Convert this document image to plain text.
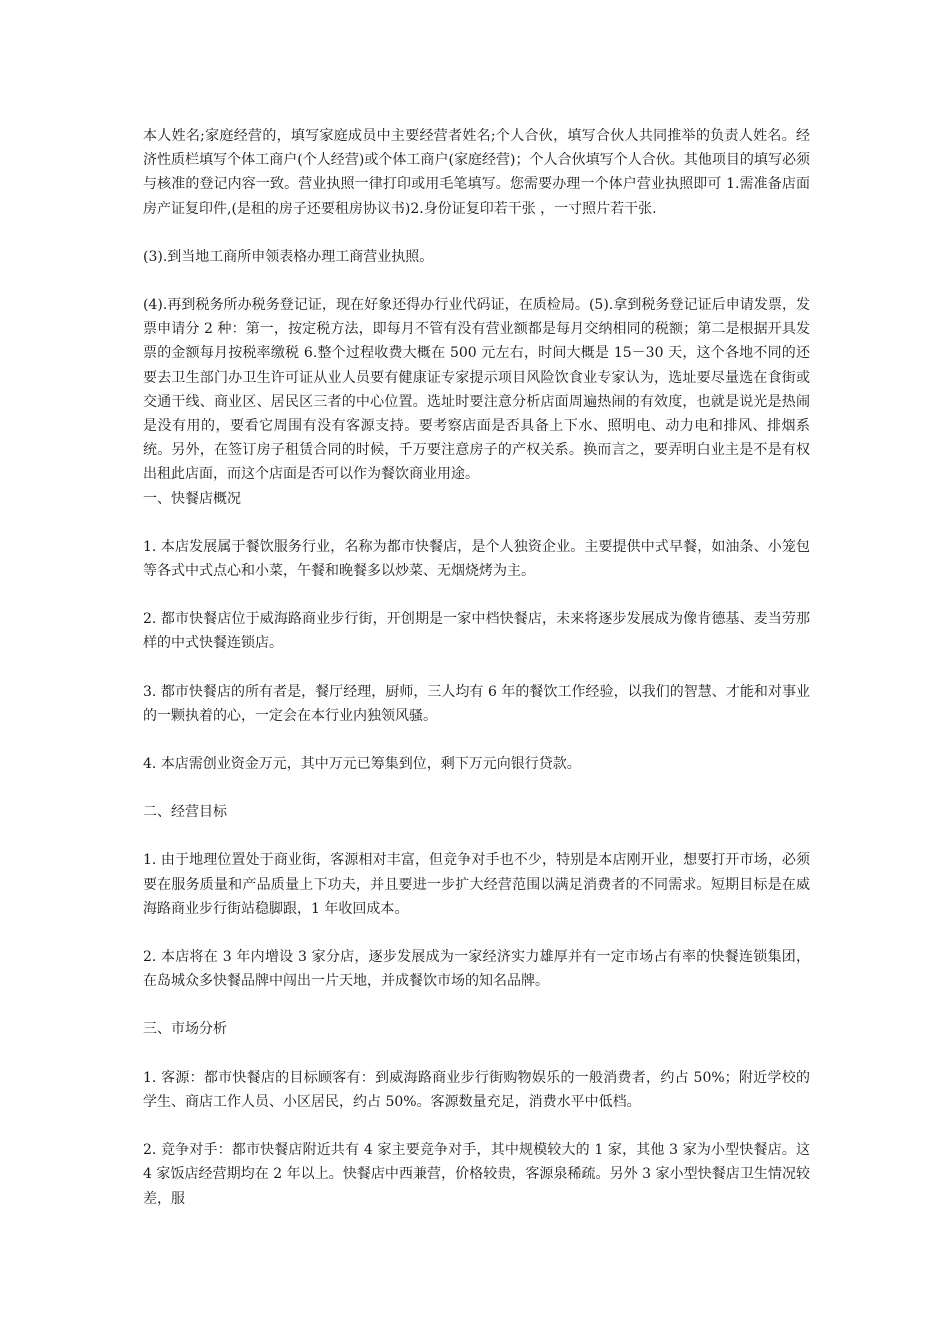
本人姓名;家庭经营的，填写家庭成员中主要经营者姓名;个人合伙，填写合伙人共同推举的负责人姓名。经济性质栏填写个体工商户(个人经营)或个体工商户(家庭经营)；个人合伙填写个人合伙。其他项目的填写必须与核准的登记内容一致。营业执照一律打印或用毛笔填写。您需要办理一个体户营业执照即可 1.需准备店面房产证复印件,(是租的房子还要租房协议书)2.身份证复印若干张 ，一寸照片若干张.

(3).到当地工商所申领表格办理工商营业执照。

(4).再到税务所办税务登记证，现在好象还得办行业代码证，在质检局。(5).拿到税务登记证后申请发票，发票申请分 2 种：第一，按定税方法，即每月不管有没有营业额都是每月交纳相同的税额；第二是根据开具发票的金额每月按税率缴税 6.整个过程收费大概在 500 元左右，时间大概是 15－30 天，这个各地不同的还要去卫生部门办卫生许可证从业人员要有健康证专家提示项目风险饮食业专家认为，选址要尽量选在食街或交通干线、商业区、居民区三者的中心位置。选址时要注意分析店面周遍热闹的有效度，也就是说光是热闹是没有用的，要看它周围有没有客源支持。要考察店面是否具备上下水、照明电、动力电和排风、排烟系统。另外，在签订房子租赁合同的时候，千万要注意房子的产权关系。换而言之，要弄明白业主是不是有权出租此店面，而这个店面是否可以作为餐饮商业用途。

一、快餐店概况

1. 本店发展属于餐饮服务行业，名称为都市快餐店，是个人独资企业。主要提供中式早餐，如油条、小笼包等各式中式点心和小菜，午餐和晚餐多以炒菜、无烟烧烤为主。

2. 都市快餐店位于威海路商业步行街，开创期是一家中档快餐店，未来将逐步发展成为像肯德基、麦当劳那样的中式快餐连锁店。

3. 都市快餐店的所有者是，餐厅经理，厨师，三人均有 6 年的餐饮工作经验，以我们的智慧、才能和对事业的一颗执着的心，一定会在本行业内独领风骚。

4. 本店需创业资金万元，其中万元已筹集到位，剩下万元向银行贷款。

二、经营目标

1. 由于地理位置处于商业街，客源相对丰富，但竞争对手也不少，特别是本店刚开业，想要打开市场，必须要在服务质量和产品质量上下功夫，并且要进一步扩大经营范围以满足消费者的不同需求。短期目标是在威海路商业步行街站稳脚跟，1 年收回成本。

2. 本店将在 3 年内增设 3 家分店，逐步发展成为一家经济实力雄厚并有一定市场占有率的快餐连锁集团，在岛城众多快餐品牌中闯出一片天地，并成餐饮市场的知名品牌。

三、市场分析

1. 客源：都市快餐店的目标顾客有：到威海路商业步行街购物娱乐的一般消费者，约占 50%；附近学校的学生、商店工作人员、小区居民，约占 50%。客源数量充足，消费水平中低档。

2. 竞争对手：都市快餐店附近共有 4 家主要竞争对手，其中规模较大的 1 家，其他 3 家为小型快餐店。这 4 家饭店经营期均在 2 年以上。快餐店中西兼营，价格较贵，客源泉稀疏。另外 3 家小型快餐店卫生情况较差，服
